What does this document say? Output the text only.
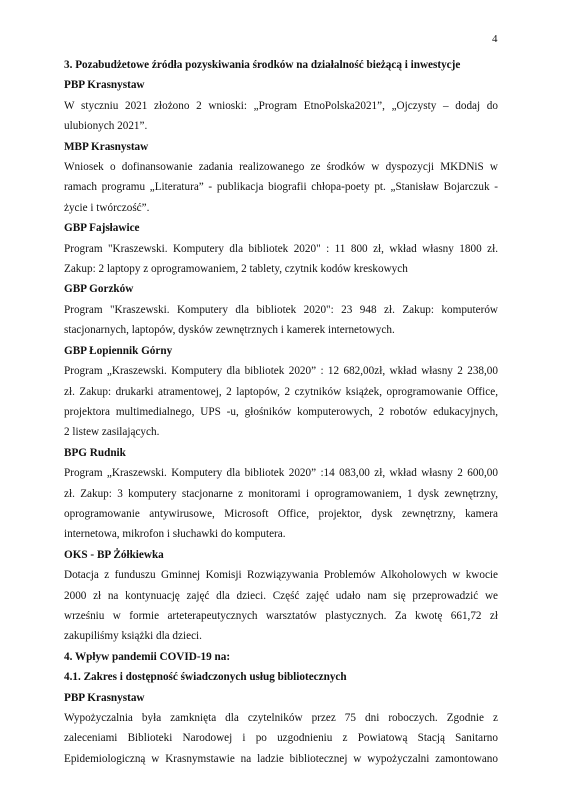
4
3. Pozabudżetowe źródła pozyskiwania środków na działalność bieżącą i inwestycje
PBP Krasnystaw
W styczniu 2021 złożono 2 wnioski: „Program EtnoPolska2021”, „Ojczysty – dodaj do
ulubionych 2021”.
MBP Krasnystaw
Wniosek o dofinansowanie zadania realizowanego ze środków w dyspozycji MKDNiS w
ramach programu „Literatura” - publikacja biografii chłopa-poety pt. „Stanisław Bojarczuk -
życie i twórczość”.
GBP Fajsławice
Program "Kraszewski. Komputery dla bibliotek 2020" : 11 800 zł, wkład własny 1800 zł.
Zakup: 2 laptopy z oprogramowaniem, 2 tablety, czytnik kodów kreskowych
GBP Gorzków
Program "Kraszewski. Komputery dla bibliotek 2020": 23 948 zł. Zakup: komputerów
stacjonarnych, laptopów, dysków zewnętrznych i kamerek internetowych.
GBP Łopiennik Górny
Program „Kraszewski. Komputery dla bibliotek 2020” : 12 682,00zł, wkład własny 2 238,00
zł. Zakup: drukarki atramentowej, 2 laptopów, 2 czytników książek, oprogramowanie Office,
projektora multimedialnego, UPS -u, głośników komputerowych, 2 robotów edukacyjnych,
2 listew zasilających.
BPG Rudnik
Program „Kraszewski. Komputery dla bibliotek 2020” :14 083,00 zł, wkład własny 2 600,00
zł. Zakup: 3 komputery stacjonarne z monitorami i oprogramowaniem, 1 dysk zewnętrzny,
oprogramowanie antywirusowe, Microsoft Office, projektor, dysk zewnętrzny, kamera
internetowa, mikrofon i słuchawki do komputera.
OKS - BP Żółkiewka
Dotacja z funduszu Gminnej Komisji Rozwiązywania Problemów Alkoholowych w kwocie
2000 zł na kontynuację zajęć dla dzieci. Część zajęć udało nam się przeprowadzić we
wrześniu w formie arteterapeutycznych warsztatów plastycznych. Za kwotę 661,72 zł
zakupiliśmy książki dla dzieci.
4. Wpływ pandemii COVID-19 na:
4.1. Zakres i dostępność świadczonych usług bibliotecznych
PBP Krasnystaw
Wypożyczalnia była zamknięta dla czytelników przez 75 dni roboczych. Zgodnie z
zaleceniami Biblioteki Narodowej i po uzgodnieniu z Powiatową Stacją Sanitarno
Epidemiologiczną w Krasnymstawie na ladzie bibliotecznej w wypożyczalni zamontowano
